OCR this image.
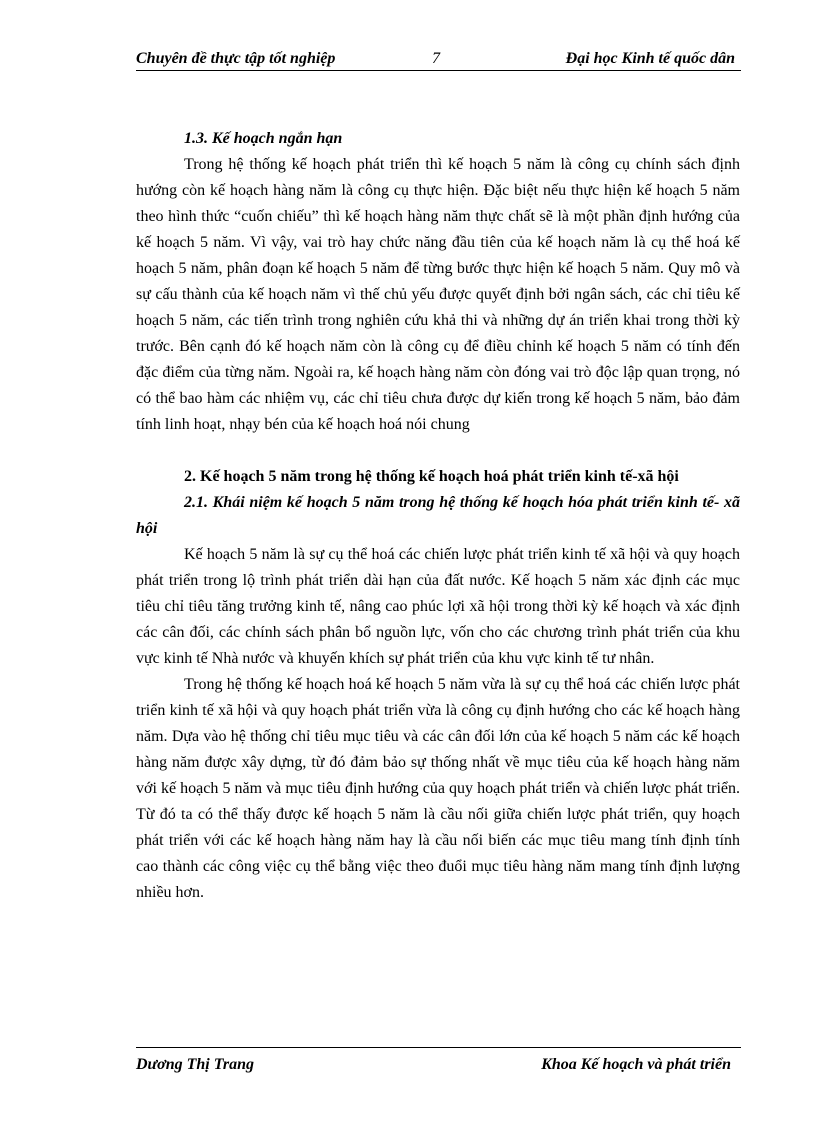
Chuyên đề thực tập tốt nghiệp	7	Đại học Kinh tế quốc dân

1.3. Kế hoạch ngắn hạn

Trong hệ thống kế hoạch phát triển thì kế hoạch 5 năm là công cụ chính sách định hướng còn kế hoạch hàng năm là công cụ thực hiện. Đặc biệt nếu thực hiện kế hoạch 5 năm theo hình thức “cuốn chiếu” thì kế hoạch hàng năm thực chất sẽ là một phần định hướng của kế hoạch 5 năm. Vì vậy, vai trò hay chức năng đầu tiên của kế hoạch năm là cụ thể hoá kế hoạch 5 năm, phân đoạn kế hoạch 5 năm để từng bước thực hiện kế hoạch 5 năm. Quy mô và sự cấu thành của kế hoạch năm vì thế chủ yếu được quyết định bởi ngân sách, các chỉ tiêu kế hoạch 5 năm, các tiến trình trong nghiên cứu khả thi và những dự án triển khai trong thời kỳ trước. Bên cạnh đó kế hoạch năm còn là công cụ để điều chỉnh kế hoạch 5 năm có tính đến đặc điểm của từng năm. Ngoài ra, kế hoạch hàng năm còn đóng vai trò độc lập quan trọng, nó có thể bao hàm các nhiệm vụ, các chỉ tiêu chưa được dự kiến trong kế hoạch 5 năm, bảo đảm tính linh hoạt, nhạy bén của kế hoạch hoá nói chung

2. Kế hoạch 5 năm trong hệ thống kế hoạch hoá phát triển kinh tế-xã hội

2.1. Khái niệm kế hoạch 5 năm trong hệ thống kế hoạch hóa phát triển kinh tế- xã hội

Kế hoạch 5 năm là sự cụ thể hoá các chiến lược phát triển kinh tế xã hội và quy hoạch phát triển trong lộ trình phát triển dài hạn của đất nước. Kế hoạch 5 năm xác định các mục tiêu chỉ tiêu tăng trưởng kinh tế, nâng cao phúc lợi xã hội trong thời kỳ kế hoạch và xác định các cân đối, các chính sách phân bổ nguồn lực, vốn cho các chương trình phát triển của khu vực kinh tế Nhà nước và khuyến khích sự phát triển của khu vực kinh tế tư nhân.

Trong hệ thống kế hoạch hoá kế hoạch 5 năm vừa là sự cụ thể hoá các chiến lược phát triển kinh tế xã hội và quy hoạch phát triển vừa là công cụ định hướng cho các kế hoạch hàng năm. Dựa vào hệ thống chỉ tiêu mục tiêu và các cân đối lớn của kế hoạch 5 năm các kế hoạch hàng năm được xây dựng, từ đó đảm bảo sự thống nhất về mục tiêu của kế hoạch hàng năm với kế hoạch 5 năm và mục tiêu định hướng của quy hoạch phát triển và chiến lược phát triển. Từ đó ta có thể thấy được kế hoạch 5 năm là cầu nối giữa chiến lược phát triển, quy hoạch phát triển với các kế hoạch hàng năm hay là cầu nối biến các mục tiêu mang tính định tính cao thành các công việc cụ thể bằng việc theo đuổi mục tiêu hàng năm mang tính định lượng nhiều hơn.

Dương Thị Trang	Khoa Kế hoạch và phát triển
